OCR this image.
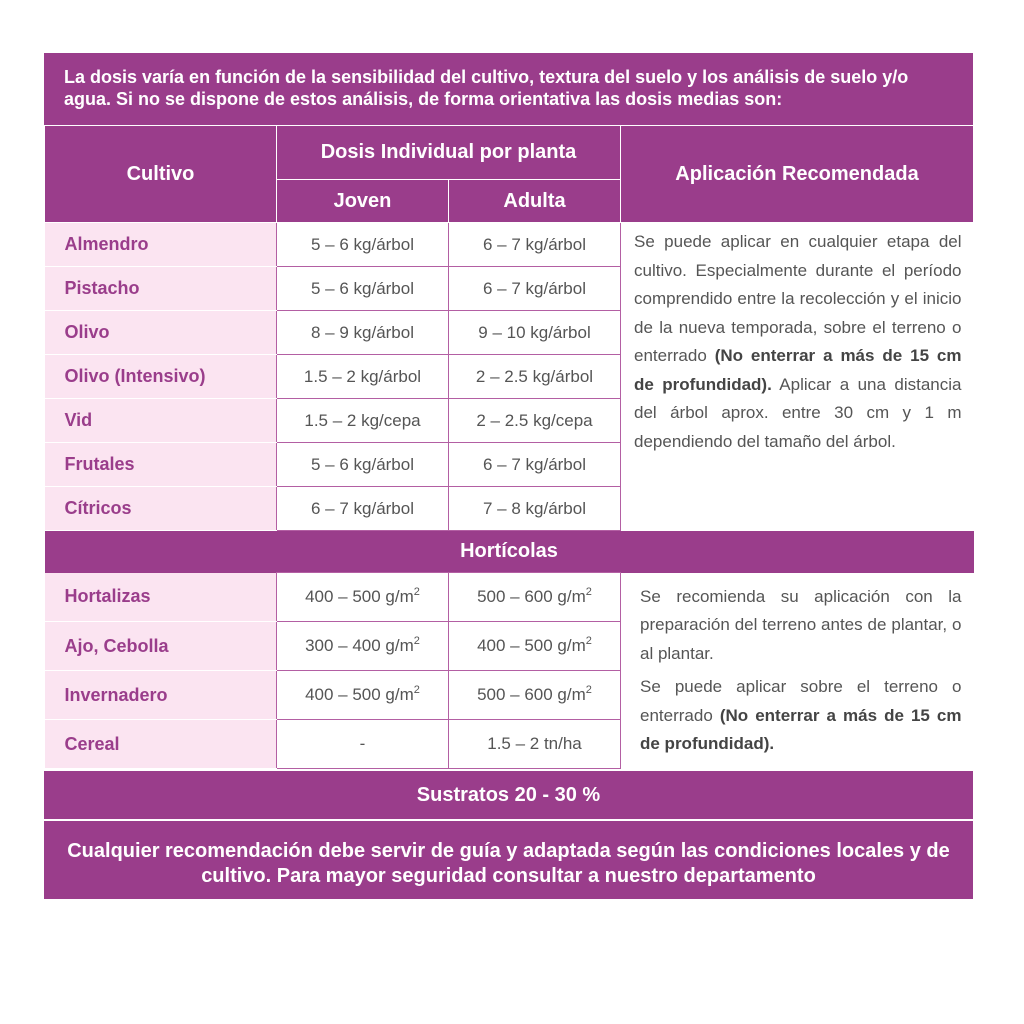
La dosis varía en función de la sensibilidad del cultivo, textura del suelo y los análisis de suelo y/o agua. Si no se dispone de estos análisis, de forma orientativa las dosis medias son:
Cultivo	Dosis Individual por planta		Aplicación Recomendada
	Joven	Adulta	
Almendro	5 – 6 kg/árbol	6 – 7 kg/árbol	Se puede aplicar en cualquier etapa del cultivo. Especialmente durante el período comprendido entre la recolección y el inicio de la nueva temporada, sobre el terreno o enterrado (No enterrar a más de 15 cm de profundidad). Aplicar a una distancia del árbol aprox. entre 30 cm y 1 m dependiendo del tamaño del árbol.
Pistacho	5 – 6 kg/árbol	6 – 7 kg/árbol	
Olivo	8 – 9 kg/árbol	9 – 10 kg/árbol	
Olivo (Intensivo)	1.5 – 2 kg/árbol	2 – 2.5 kg/árbol	
Vid	1.5 – 2 kg/cepa	2 – 2.5 kg/cepa	
Frutales	5 – 6 kg/árbol	6 – 7 kg/árbol	
Cítricos	6 – 7 kg/árbol	7 – 8 kg/árbol	
Hortícolas			
Hortalizas	400 – 500 $g/m^2$	500 – 600 $g/m^2$	Se recomienda su aplicación con la preparación del terreno antes de plantar, o al plantar.

Se puede aplicar sobre el terreno o enterrado (No enterrar a más de 15 cm de profundidad).

Ajo, Cebolla	300 – 400 $g/m^2$	400 – 500 $g/m^2$
Invernadero	400 – 500 $g/m^2$	500 – 600 $g/m^2$
Cereal	-	1.5 – 2 tn/ha	
Sustratos 20 - 30 %
Cualquier recomendación debe servir de guía y adaptada según las condiciones locales y de cultivo. Para mayor seguridad consultar a nuestro departamento
